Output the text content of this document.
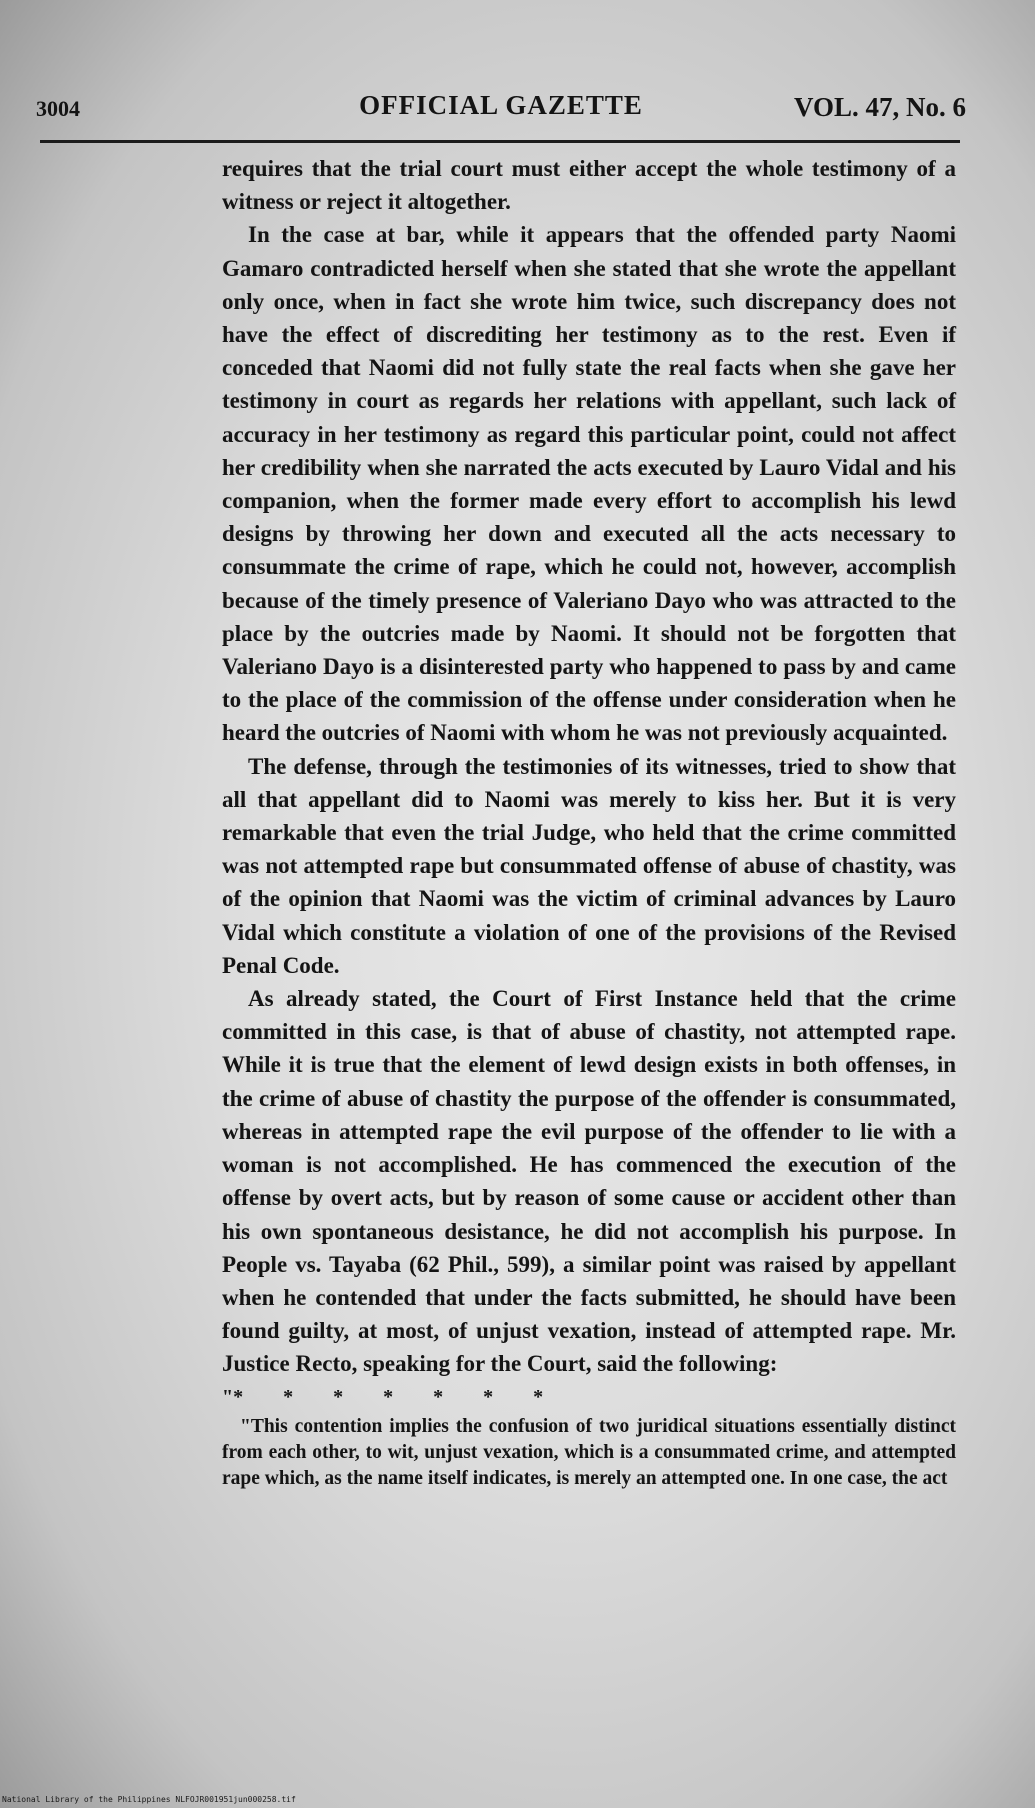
3004	OFFICIAL GAZETTE	VOL. 47, No. 6

requires that the trial court must either accept the whole testimony of a witness or reject it altogether.

In the case at bar, while it appears that the offended party Naomi Gamaro contradicted herself when she stated that she wrote the appellant only once, when in fact she wrote him twice, such discrepancy does not have the effect of discrediting her testimony as to the rest. Even if conceded that Naomi did not fully state the real facts when she gave her testimony in court as regards her relations with appellant, such lack of accuracy in her testimony as regard this particular point, could not affect her credibility when she narrated the acts executed by Lauro Vidal and his companion, when the former made every effort to accomplish his lewd designs by throwing her down and executed all the acts necessary to consummate the crime of rape, which he could not, however, accomplish because of the timely presence of Valeriano Dayo who was attracted to the place by the outcries made by Naomi. It should not be forgotten that Valeriano Dayo is a disinterested party who happened to pass by and came to the place of the commission of the offense under consideration when he heard the outcries of Naomi with whom he was not previously acquainted.

The defense, through the testimonies of its witnesses, tried to show that all that appellant did to Naomi was merely to kiss her. But it is very remarkable that even the trial Judge, who held that the crime committed was not attempted rape but consummated offense of abuse of chastity, was of the opinion that Naomi was the victim of criminal advances by Lauro Vidal which constitute a violation of one of the provisions of the Revised Penal Code.

As already stated, the Court of First Instance held that the crime committed in this case, is that of abuse of chastity, not attempted rape. While it is true that the element of lewd design exists in both offenses, in the crime of abuse of chastity the purpose of the offender is consummated, whereas in attempted rape the evil purpose of the offender to lie with a woman is not accomplished. He has commenced the execution of the offense by overt acts, but by reason of some cause or accident other than his own spontaneous desistance, he did not accomplish his purpose. In People vs. Tayaba (62 Phil., 599), a similar point was raised by appellant when he contended that under the facts submitted, he should have been found guilty, at most, of unjust vexation, instead of attempted rape. Mr. Justice Recto, speaking for the Court, said the following:

"*        *        *        *        *        *        *

"This contention implies the confusion of two juridical situations essentially distinct from each other, to wit, unjust vexation, which is a consummated crime, and attempted rape which, as the name itself indicates, is merely an attempted one. In one case, the act

National Library of the Philippines NLFOJR001951jun000258.tif
